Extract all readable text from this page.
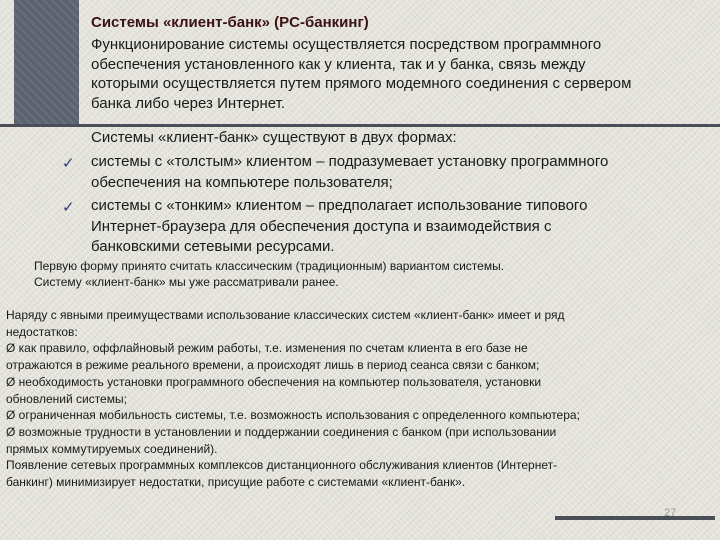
Системы «клиент-банк» (PC-банкинг)

Функционирование системы осуществляется посредством программного
обеспечения установленного как у клиента, так и у банка, связь между
которыми осуществляется путем прямого модемного соединения с сервером
банка либо через Интернет.

Системы «клиент-банк» существуют в двух формах:

✓ системы с «толстым» клиентом – подразумевает установку программного
обеспечения на компьютере пользователя;
✓ системы с «тонким» клиентом – предполагает использование типового
Интернет-браузера для обеспечения доступа и взаимодействия с
банковскими сетевыми ресурсами.
Первую форму принято считать классическим (традиционным) вариантом системы.
Систему «клиент-банк» мы уже рассматривали ранее.
Наряду с явными преимуществами использование классических систем «клиент-банк» имеет и ряд
недостатков:
Ø как правило, оффлайновый режим работы, т.е. изменения по счетам клиента в его базе не
отражаются в режиме реального времени, а происходят лишь в период сеанса связи с банком;
Ø необходимость установки программного обеспечения на компьютер пользователя, установки
обновлений системы;
Ø ограниченная мобильность системы, т.е. возможность использования с определенного компьютера;
Ø возможные трудности в установлении и поддержании соединения с банком (при использовании
прямых коммутируемых соединений).
Появление сетевых программных комплексов дистанционного обслуживания клиентов (Интернет-
банкинг) минимизирует недостатки, присущие работе с системами «клиент-банк».
27
